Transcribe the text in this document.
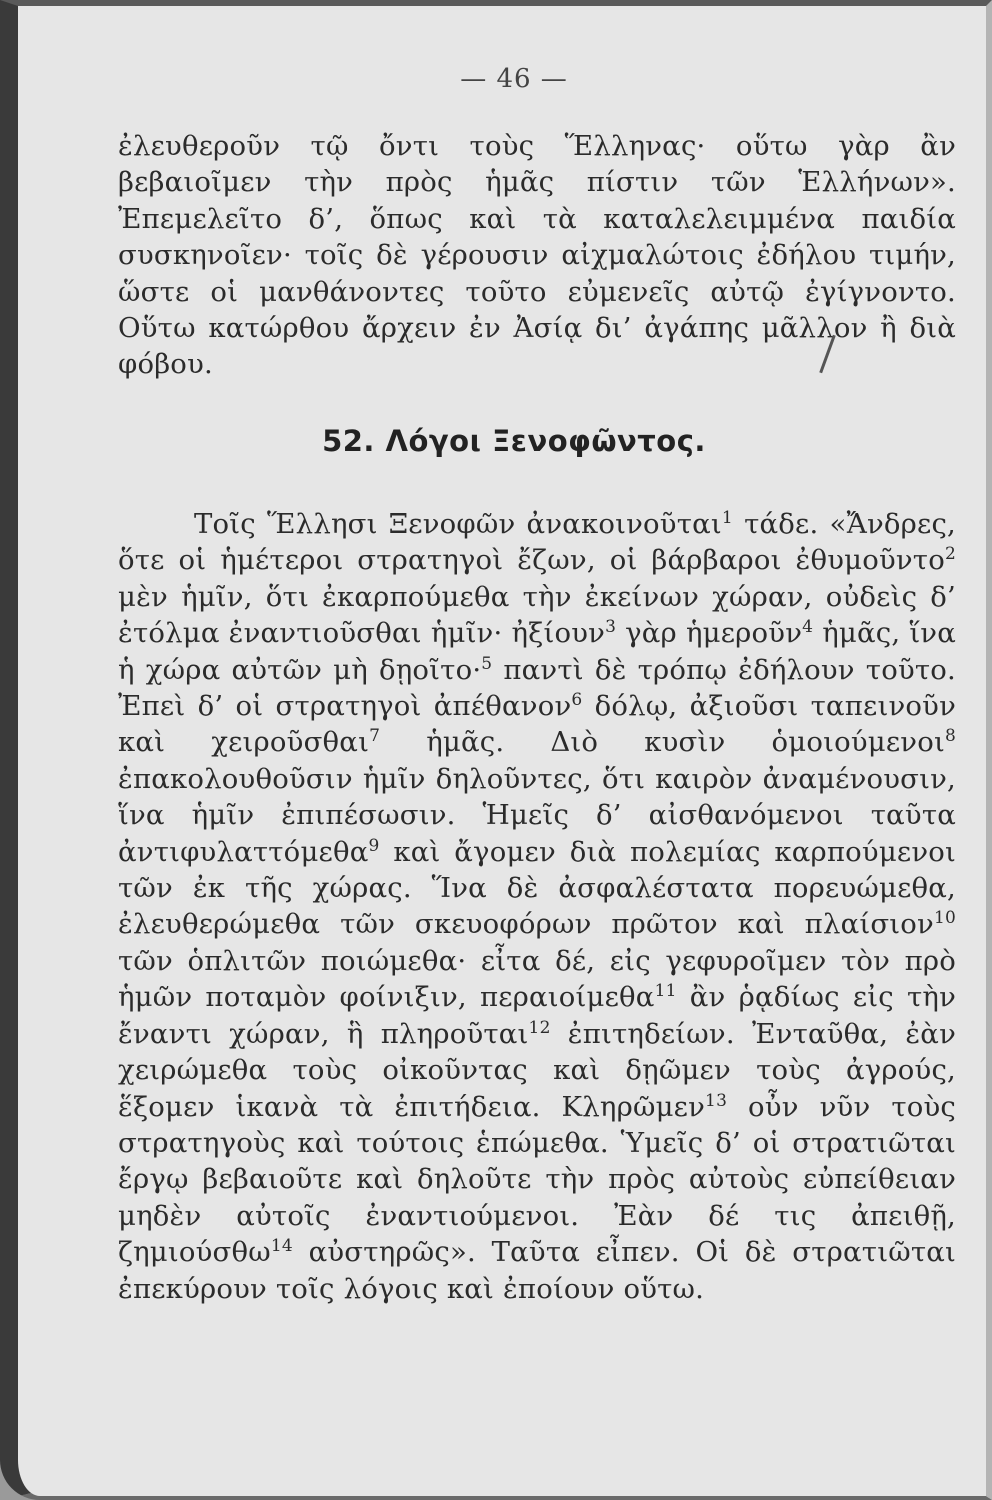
— 46 —

ἐλευθεροῦν τῷ ὄντι τοὺς Ἕλληνας· οὕτω γὰρ ἂν βεβαιοῖμεν τὴν πρὸς ἡμᾶς πίστιν τῶν Ἑλλήνων». Ἐπεμελεῖτο δ’, ὅπως καὶ τὰ καταλελειμμένα παιδία συσκηνοῖεν· τοῖς δὲ γέρουσιν αἰχμαλώτοις ἐδήλου τιμήν, ὥστε οἱ μανθάνοντες τοῦτο εὐμενεῖς αὐτῷ ἐγίγνοντο. Οὕτω κατώρθου ἄρχειν ἐν Ἀσίᾳ δι’ ἀγάπης μᾶλλον ἢ διὰ φόβου.

52. Λόγοι Ξενοφῶντος.

Τοῖς Ἕλλησι Ξενοφῶν ἀνακοινοῦται$^1$ τάδε. «Ἄνδρες, ὅτε οἱ ἡμέτεροι στρατηγοὶ ἔζων, οἱ βάρβαροι ἐθυμοῦντο$^2$ μὲν ἡμῖν, ὅτι ἐκαρπούμεθα τὴν ἐκείνων χώραν, οὐδεὶς δ’ ἐτόλμα ἐναντιοῦσθαι ἡμῖν· ἠξίουν$^3$ γὰρ ἡμεροῦν$^4$ ἡμᾶς, ἵνα ἡ χώρα αὐτῶν μὴ δῃοῖτο·$^5$ παντὶ δὲ τρόπῳ ἐδήλουν τοῦτο. Ἐπεὶ δ’ οἱ στρατηγοὶ ἀπέθανον$^6$ δόλῳ, ἀξιοῦσι ταπεινοῦν καὶ χειροῦσθαι$^7$ ἡμᾶς. Διὸ κυσὶν ὁμοιούμενοι$^8$ ἐπακολουθοῦσιν ἡμῖν δηλοῦντες, ὅτι καιρὸν ἀναμένουσιν, ἵνα ἡμῖν ἐπιπέσωσιν. Ἡμεῖς δ’ αἰσθανόμενοι ταῦτα ἀντιφυλαττόμεθα$^9$ καὶ ἄγομεν διὰ πολεμίας καρπούμενοι τῶν ἐκ τῆς χώρας. Ἵνα δὲ ἀσφαλέστατα πορευώμεθα, ἐλευθερώμεθα τῶν σκευοφόρων πρῶτον καὶ πλαίσιον$^{10}$ τῶν ὁπλιτῶν ποιώμεθα· εἶτα δέ, εἰς γεφυροῖμεν τὸν πρὸ ἡμῶν ποταμὸν φοίνιξιν, περαιοίμεθα$^{11}$ ἂν ῥᾳδίως εἰς τὴν ἔναντι χώραν, ἣ πληροῦται$^{12}$ ἐπιτηδείων. Ἐνταῦθα, ἐὰν χειρώμεθα τοὺς οἰκοῦντας καὶ δῃῶμεν τοὺς ἀγρούς, ἕξομεν ἱκανὰ τὰ ἐπιτήδεια. Κληρῶμεν$^{13}$ οὖν νῦν τοὺς στρατηγοὺς καὶ τούτοις ἑπώμεθα. Ὑμεῖς δ’ οἱ στρατιῶται ἔργῳ βεβαιοῦτε καὶ δηλοῦτε τὴν πρὸς αὐτοὺς εὐπείθειαν μηδὲν αὐτοῖς ἐναντιούμενοι. Ἐὰν δέ τις ἀπειθῇ, ζημιούσθω$^{14}$ αὐστηρῶς». Ταῦτα εἶπεν. Οἱ δὲ στρατιῶται ἐπεκύρουν τοῖς λόγοις καὶ ἐποίουν οὕτω.
